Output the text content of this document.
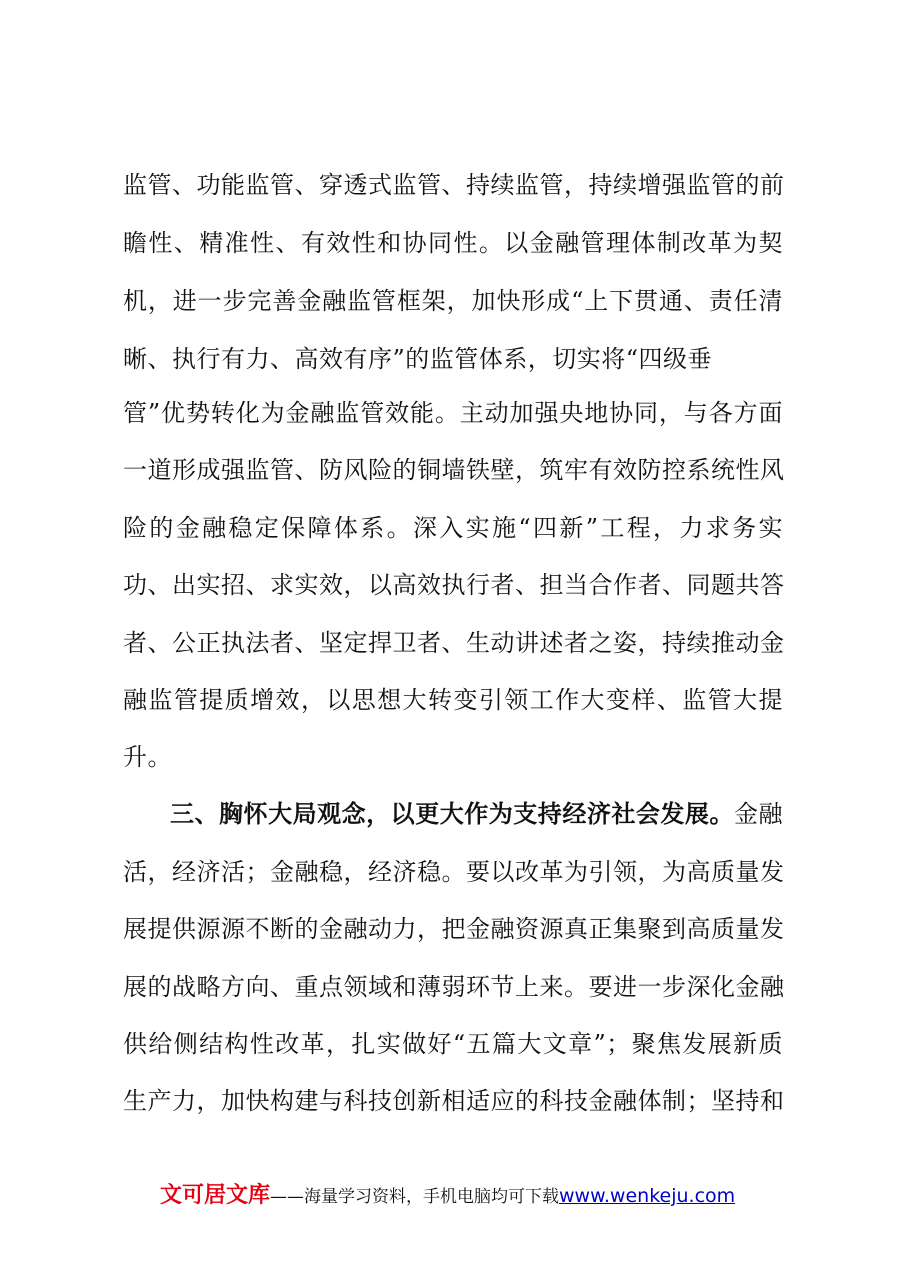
监管、功能监管、穿透式监管、持续监管，持续增强监管的前
瞻性、精准性、有效性和协同性。以金融管理体制改革为契
机，进一步完善金融监管框架，加快形成“上下贯通、责任清
晰、执行有力、高效有序”的监管体系，切实将“四级垂
管”优势转化为金融监管效能。主动加强央地协同，与各方面
一道形成强监管、防风险的铜墙铁壁，筑牢有效防控系统性风
险的金融稳定保障体系。深入实施“四新”工程，力求务实
功、出实招、求实效，以高效执行者、担当合作者、同题共答
者、公正执法者、坚定捍卫者、生动讲述者之姿，持续推动金
融监管提质增效，以思想大转变引领工作大变样、监管大提
升。
三、胸怀大局观念，以更大作为支持经济社会发展。金融
活，经济活；金融稳，经济稳。要以改革为引领，为高质量发
展提供源源不断的金融动力，把金融资源真正集聚到高质量发
展的战略方向、重点领域和薄弱环节上来。要进一步深化金融
供给侧结构性改革，扎实做好“五篇大文章”；聚焦发展新质
生产力，加快构建与科技创新相适应的科技金融体制；坚持和
文可居文库——海量学习资料，手机电脑均可下载www.wenkeju.com
